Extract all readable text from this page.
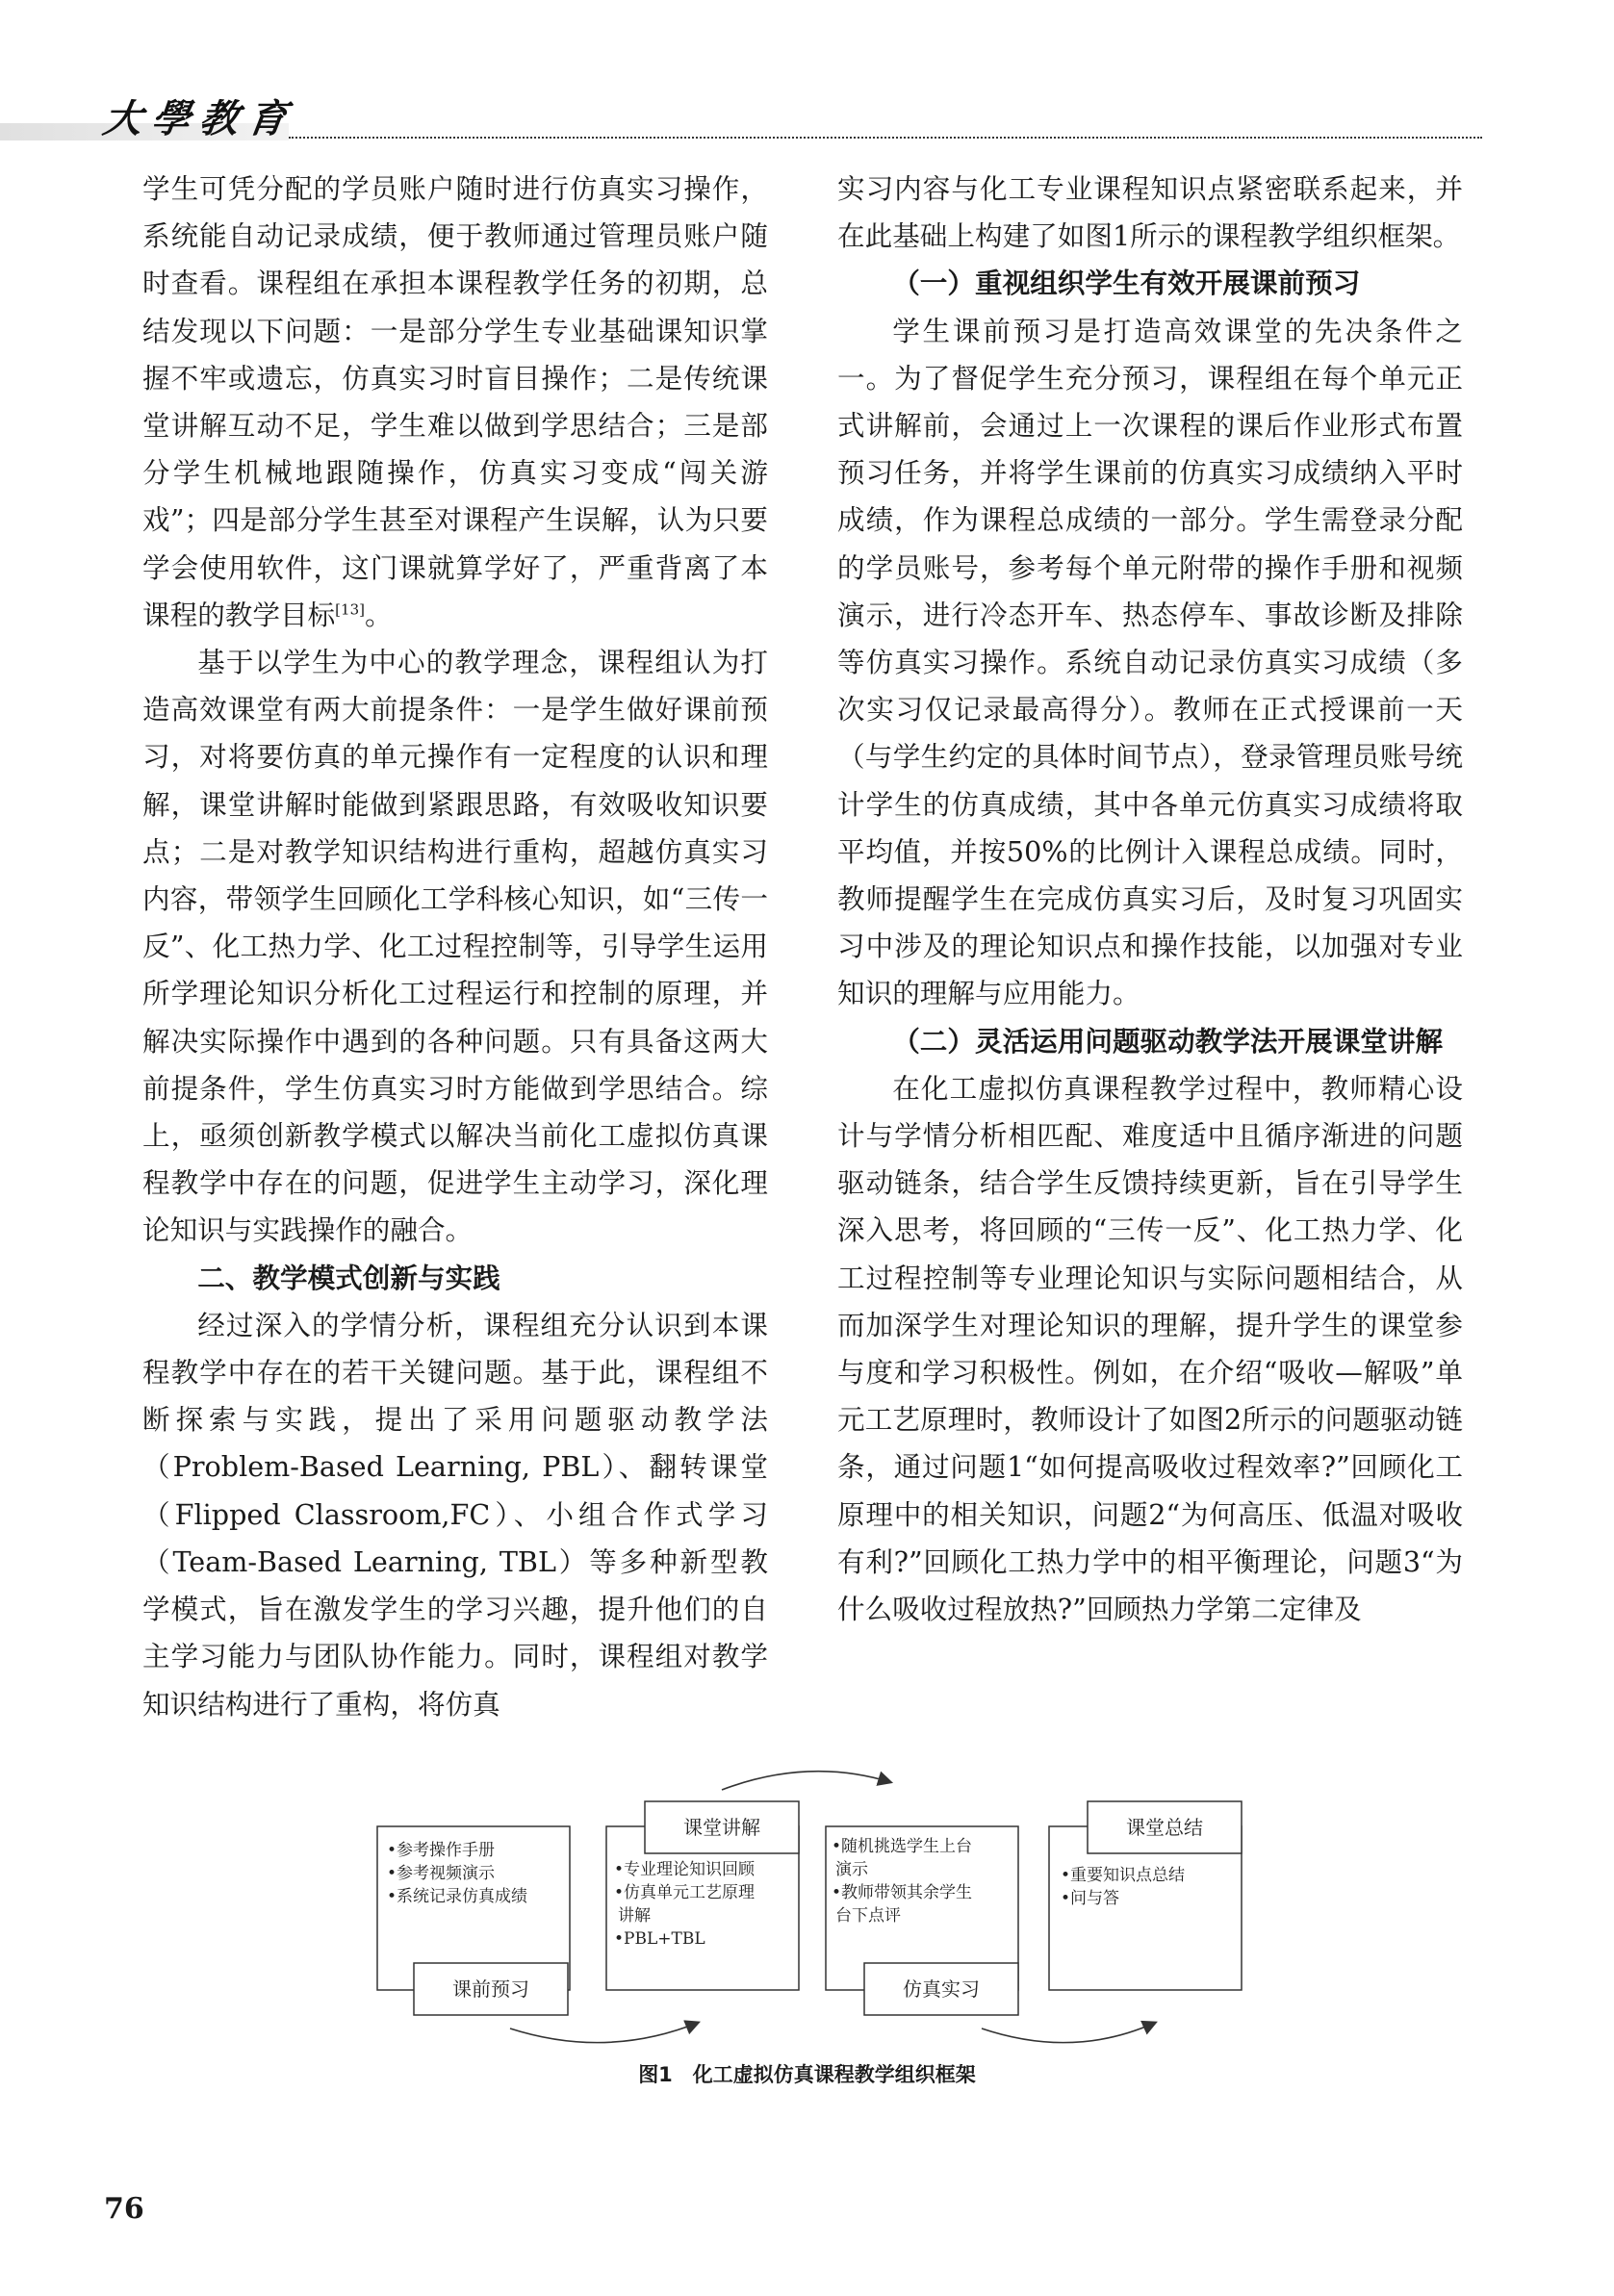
大學教育

学生可凭分配的学员账户随时进行仿真实习操作，系统能自动记录成绩，便于教师通过管理员账户随时查看。课程组在承担本课程教学任务的初期，总结发现以下问题：一是部分学生专业基础课知识掌握不牢或遗忘，仿真实习时盲目操作；二是传统课堂讲解互动不足，学生难以做到学思结合；三是部分学生机械地跟随操作，仿真实习变成“闯关游戏”；四是部分学生甚至对课程产生误解，认为只要学会使用软件，这门课就算学好了，严重背离了本课程的教学目标[13]。

基于以学生为中心的教学理念，课程组认为打造高效课堂有两大前提条件：一是学生做好课前预习，对将要仿真的单元操作有一定程度的认识和理解，课堂讲解时能做到紧跟思路，有效吸收知识要点；二是对教学知识结构进行重构，超越仿真实习内容，带领学生回顾化工学科核心知识，如“三传一反”、化工热力学、化工过程控制等，引导学生运用所学理论知识分析化工过程运行和控制的原理，并解决实际操作中遇到的各种问题。只有具备这两大前提条件，学生仿真实习时方能做到学思结合。综上，亟须创新教学模式以解决当前化工虚拟仿真课程教学中存在的问题，促进学生主动学习，深化理论知识与实践操作的融合。

二、教学模式创新与实践

经过深入的学情分析，课程组充分认识到本课程教学中存在的若干关键问题。基于此，课程组不断探索与实践，提出了采用问题驱动教学法（Problem-Based Learning, PBL）、翻转课堂（Flipped Classroom,FC）、小组合作式学习（Team-Based Learning, TBL）等多种新型教学模式，旨在激发学生的学习兴趣，提升他们的自主学习能力与团队协作能力。同时，课程组对教学知识结构进行了重构，将仿真

实习内容与化工专业课程知识点紧密联系起来，并在此基础上构建了如图1所示的课程教学组织框架。

（一）重视组织学生有效开展课前预习

学生课前预习是打造高效课堂的先决条件之一。为了督促学生充分预习，课程组在每个单元正式讲解前，会通过上一次课程的课后作业形式布置预习任务，并将学生课前的仿真实习成绩纳入平时成绩，作为课程总成绩的一部分。学生需登录分配的学员账号，参考每个单元附带的操作手册和视频演示，进行冷态开车、热态停车、事故诊断及排除等仿真实习操作。系统自动记录仿真实习成绩（多次实习仅记录最高得分）。教师在正式授课前一天（与学生约定的具体时间节点），登录管理员账号统计学生的仿真成绩，其中各单元仿真实习成绩将取平均值，并按50%的比例计入课程总成绩。同时，教师提醒学生在完成仿真实习后，及时复习巩固实习中涉及的理论知识点和操作技能，以加强对专业知识的理解与应用能力。

（二）灵活运用问题驱动教学法开展课堂讲解

在化工虚拟仿真课程教学过程中，教师精心设计与学情分析相匹配、难度适中且循序渐进的问题驱动链条，结合学生反馈持续更新，旨在引导学生深入思考，将回顾的“三传一反”、化工热力学、化工过程控制等专业理论知识与实际问题相结合，从而加深学生对理论知识的理解，提升学生的课堂参与度和学习积极性。例如，在介绍“吸收—解吸”单元工艺原理时，教师设计了如图2所示的问题驱动链条，通过问题1“如何提高吸收过程效率?”回顾化工原理中的相关知识，问题2“为何高压、低温对吸收有利?”回顾化工热力学中的相平衡理论，问题3“为什么吸收过程放热?”回顾热力学第二定律及

•参考操作手册
•参考视频演示
•系统记录仿真成绩
课前预习
•专业理论知识回顾
•仿真单元工艺原理
讲解
•PBL+TBL
课堂讲解
•随机挑选学生上台
演示
•教师带领其余学生
台下点评
仿真实习
•重要知识点总结
•问与答
课堂总结
图1　化工虚拟仿真课程教学组织框架
76
